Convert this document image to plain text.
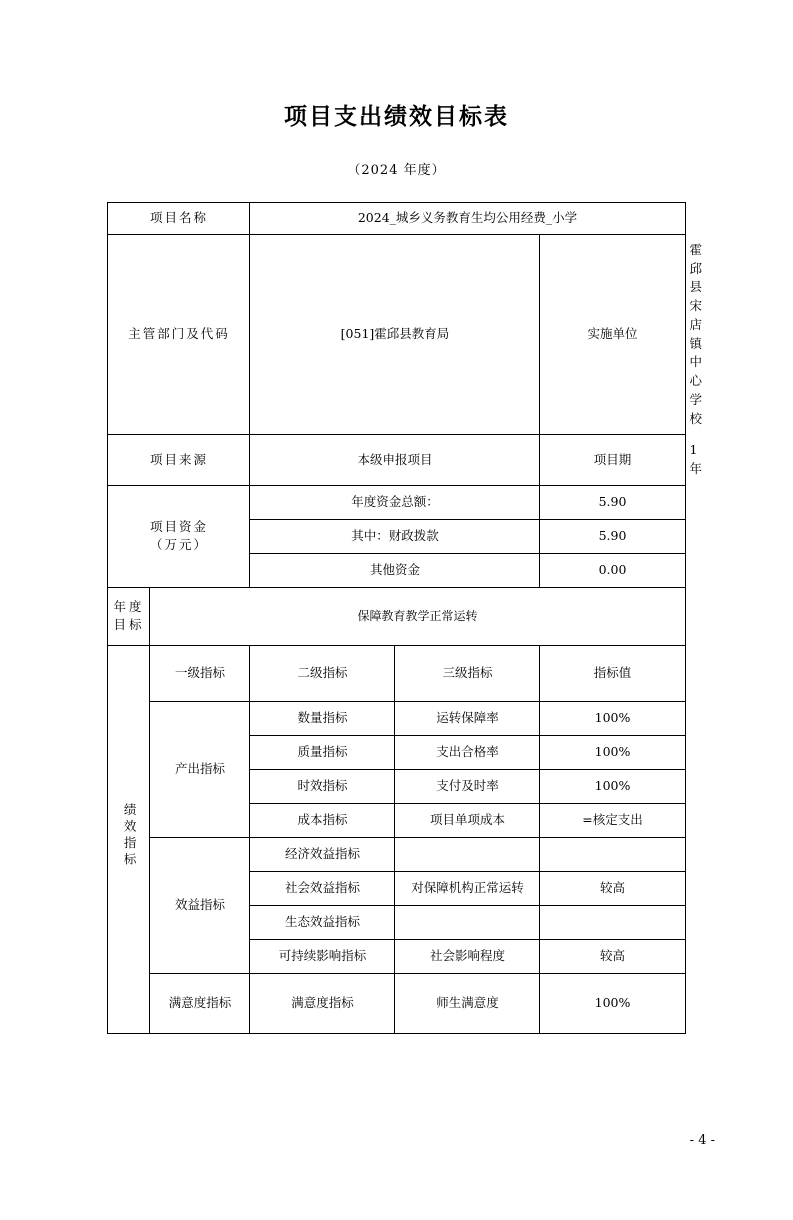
项目支出绩效目标表
（2024 年度）
项目名称		2024_城乡义务教育生均公用经费_小学			
主管部门及代码		[051]霍邱县教育局		实施单位	霍邱县宋店镇中心学校
项目来源		本级申报项目		项目期	1 年

项目资金
（万元）		年度资金总额：		5.90	
		其中：财政拨款		5.90	
		其他资金		0.00	

年度
目标	保障教育教学正常运转				
绩效指标	一级指标	二级指标	三级指标	指标值	
	产出指标	数量指标	运转保障率	100%	
		质量指标	支出合格率	100%	
		时效指标	支付及时率	100%	
		成本指标	项目单项成本	=核定支出	
	效益指标	经济效益指标			
		社会效益指标	对保障机构正常运转	较高	
		生态效益指标			
		可持续影响指标	社会影响程度	较高	
	满意度指标	满意度指标	师生满意度	100%	
- 4 -
